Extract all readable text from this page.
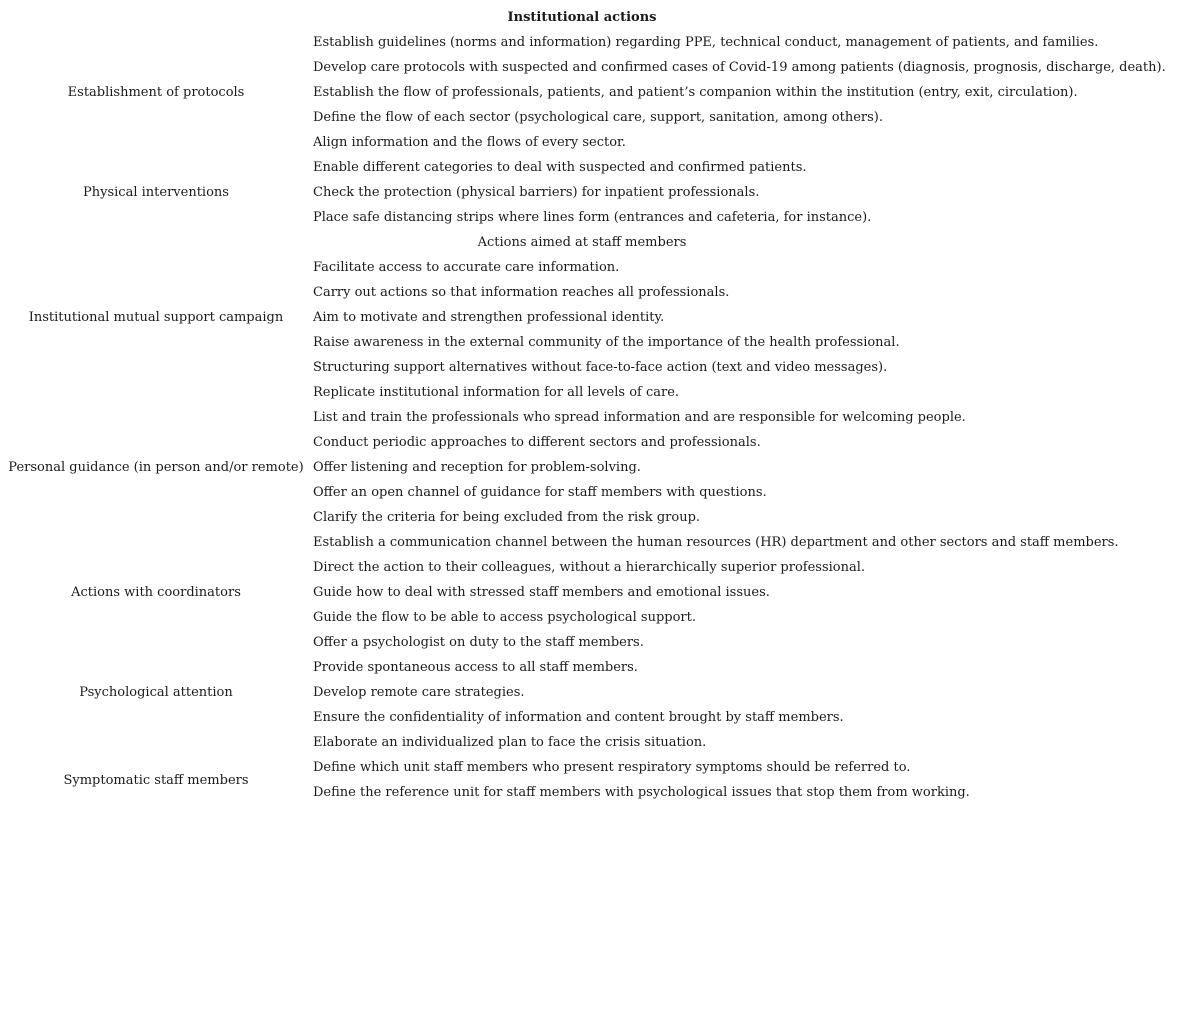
Institutional actions	
Establishment of protocols	Establish guidelines (norms and information) regarding PPE, technical conduct, management of patients, and families.
	Develop care protocols with suspected and confirmed cases of Covid-19 among patients (diagnosis, prognosis, discharge, death).
	Establish the flow of professionals, patients, and patient’s companion within the institution (entry, exit, circulation).
	Define the flow of each sector (psychological care, support, sanitation, among others).
	Align information and the flows of every sector.
Physical interventions	Enable different categories to deal with suspected and confirmed patients.
	Check the protection (physical barriers) for inpatient professionals.
	Place safe distancing strips where lines form (entrances and cafeteria, for instance).
Actions aimed at staff members	
Institutional mutual support campaign	Facilitate access to accurate care information.
	Carry out actions so that information reaches all professionals.
	Aim to motivate and strengthen professional identity.
	Raise awareness in the external community of the importance of the health professional.
	Structuring support alternatives without face-to-face action (text and video messages).
Personal guidance (in person and/or remote)	Replicate institutional information for all levels of care.
	List and train the professionals who spread information and are responsible for welcoming people.
	Conduct periodic approaches to different sectors and professionals.
	Offer listening and reception for problem-solving.
	Offer an open channel of guidance for staff members with questions.
	Clarify the criteria for being excluded from the risk group.
	Establish a communication channel between the human resources (HR) department and other sectors and staff members.
Actions with coordinators	Direct the action to their colleagues, without a hierarchically superior professional.
	Guide how to deal with stressed staff members and emotional issues.
	Guide the flow to be able to access psychological support.
Psychological attention	Offer a psychologist on duty to the staff members.
	Provide spontaneous access to all staff members.
	Develop remote care strategies.
	Ensure the confidentiality of information and content brought by staff members.
	Elaborate an individualized plan to face the crisis situation.
Symptomatic staff members	Define which unit staff members who present respiratory symptoms should be referred to.
	Define the reference unit for staff members with psychological issues that stop them from working.
